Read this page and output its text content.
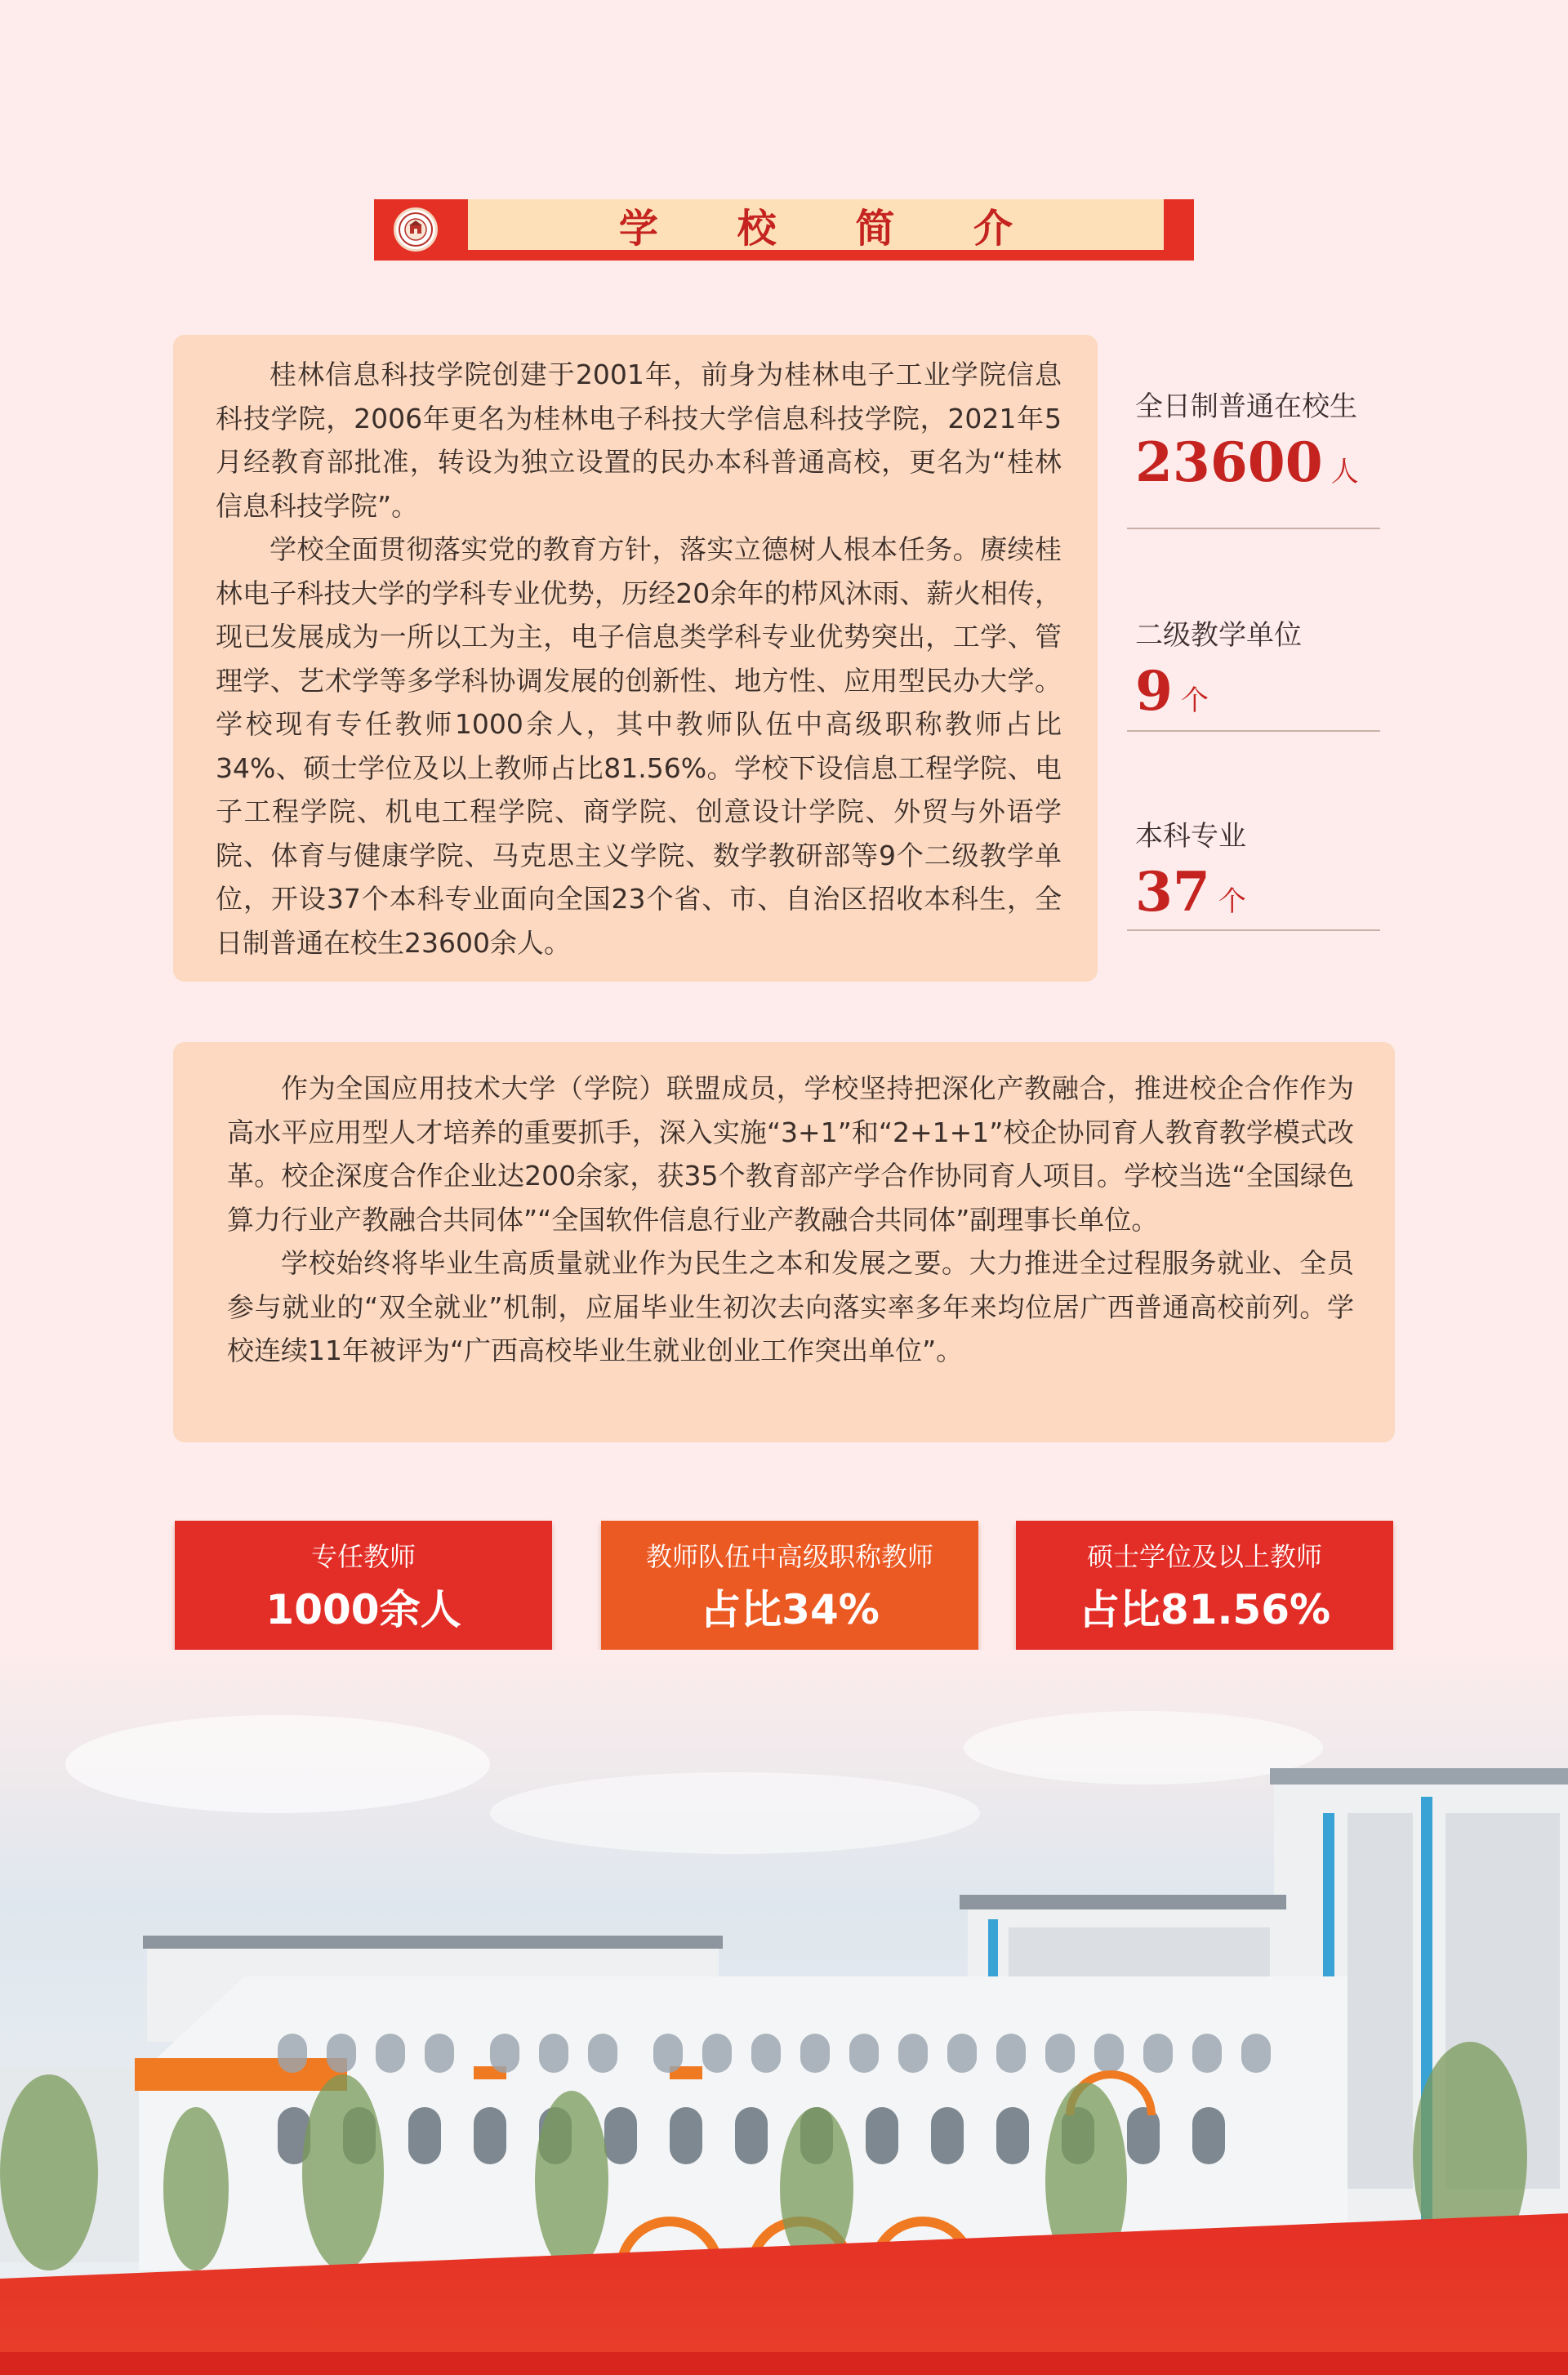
学 校 简 介

桂林信息科技学院创建于2001年，前身为桂林电子工业学院信息科技学院，2006年更名为桂林电子科技大学信息科技学院，2021年5月经教育部批准，转设为独立设置的民办本科普通高校，更名为“桂林信息科技学院”。

学校全面贯彻落实党的教育方针，落实立德树人根本任务。赓续桂林电子科技大学的学科专业优势，历经20余年的栉风沐雨、薪火相传，现已发展成为一所以工为主，电子信息类学科专业优势突出，工学、管理学、艺术学等多学科协调发展的创新性、地方性、应用型民办大学。学校现有专任教师1000余人，其中教师队伍中高级职称教师占比34%、硕士学位及以上教师占比81.56%。学校下设信息工程学院、电子工程学院、机电工程学院、商学院、创意设计学院、外贸与外语学院、体育与健康学院、马克思主义学院、数学教研部等9个二级教学单位，开设37个本科专业面向全国23个省、市、自治区招收本科生，全日制普通在校生23600余人。

全日制普通在校生
23600 人
二级教学单位
9 个
本科专业
37 个

作为全国应用技术大学（学院）联盟成员，学校坚持把深化产教融合，推进校企合作作为高水平应用型人才培养的重要抓手，深入实施“3+1”和“2+1+1”校企协同育人教育教学模式改革。校企深度合作企业达200余家，获35个教育部产学合作协同育人项目。学校当选“全国绿色算力行业产教融合共同体”“全国软件信息行业产教融合共同体”副理事长单位。

学校始终将毕业生高质量就业作为民生之本和发展之要。大力推进全过程服务就业、全员参与就业的“双全就业”机制，应届毕业生初次去向落实率多年来均位居广西普通高校前列。学校连续11年被评为“广西高校毕业生就业创业工作突出单位”。

专任教师
1000余人
教师队伍中高级职称教师
占比34%
硕士学位及以上教师
占比81.56%
